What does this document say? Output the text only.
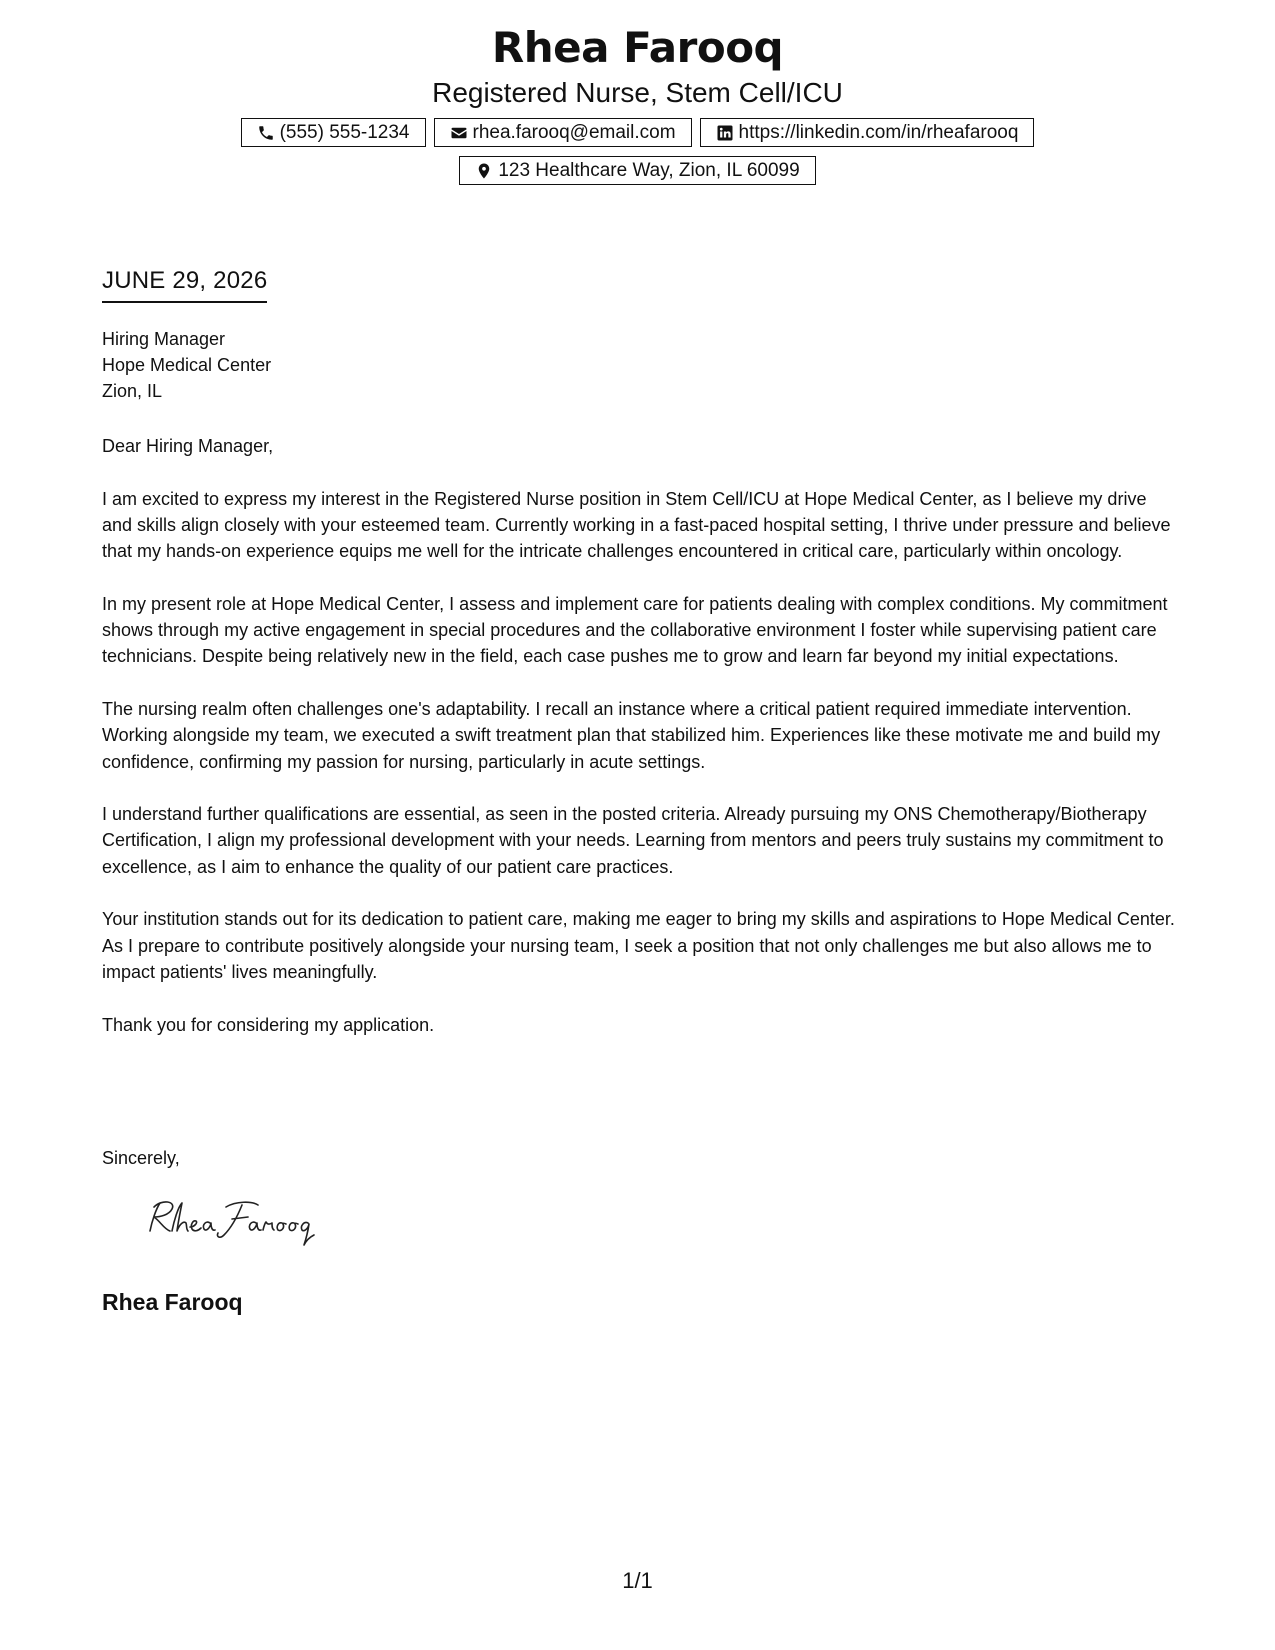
Rhea Farooq
Registered Nurse, Stem Cell/ICU
(555) 555-1234	rhea.farooq@email.com	https://linkedin.com/in/rheafarooq
123 Healthcare Way, Zion, IL 60099
JUNE 29, 2026
Hiring Manager
Hope Medical Center
Zion, IL

Dear Hiring Manager,

I am excited to express my interest in the Registered Nurse position in Stem Cell/ICU at Hope Medical Center, as I believe my drive and skills align closely with your esteemed team. Currently working in a fast-paced hospital setting, I thrive under pressure and believe that my hands-on experience equips me well for the intricate challenges encountered in critical care, particularly within oncology.

In my present role at Hope Medical Center, I assess and implement care for patients dealing with complex conditions. My commitment shows through my active engagement in special procedures and the collaborative environment I foster while supervising patient care technicians. Despite being relatively new in the field, each case pushes me to grow and learn far beyond my initial expectations.

The nursing realm often challenges one's adaptability. I recall an instance where a critical patient required immediate intervention. Working alongside my team, we executed a swift treatment plan that stabilized him. Experiences like these motivate me and build my confidence, confirming my passion for nursing, particularly in acute settings.

I understand further qualifications are essential, as seen in the posted criteria. Already pursuing my ONS Chemotherapy/Biotherapy Certification, I align my professional development with your needs. Learning from mentors and peers truly sustains my commitment to excellence, as I aim to enhance the quality of our patient care practices.

Your institution stands out for its dedication to patient care, making me eager to bring my skills and aspirations to Hope Medical Center. As I prepare to contribute positively alongside your nursing team, I seek a position that not only challenges me but also allows me to impact patients' lives meaningfully.

Thank you for considering my application.

Sincerely,
Rhea Farooq
1/1
